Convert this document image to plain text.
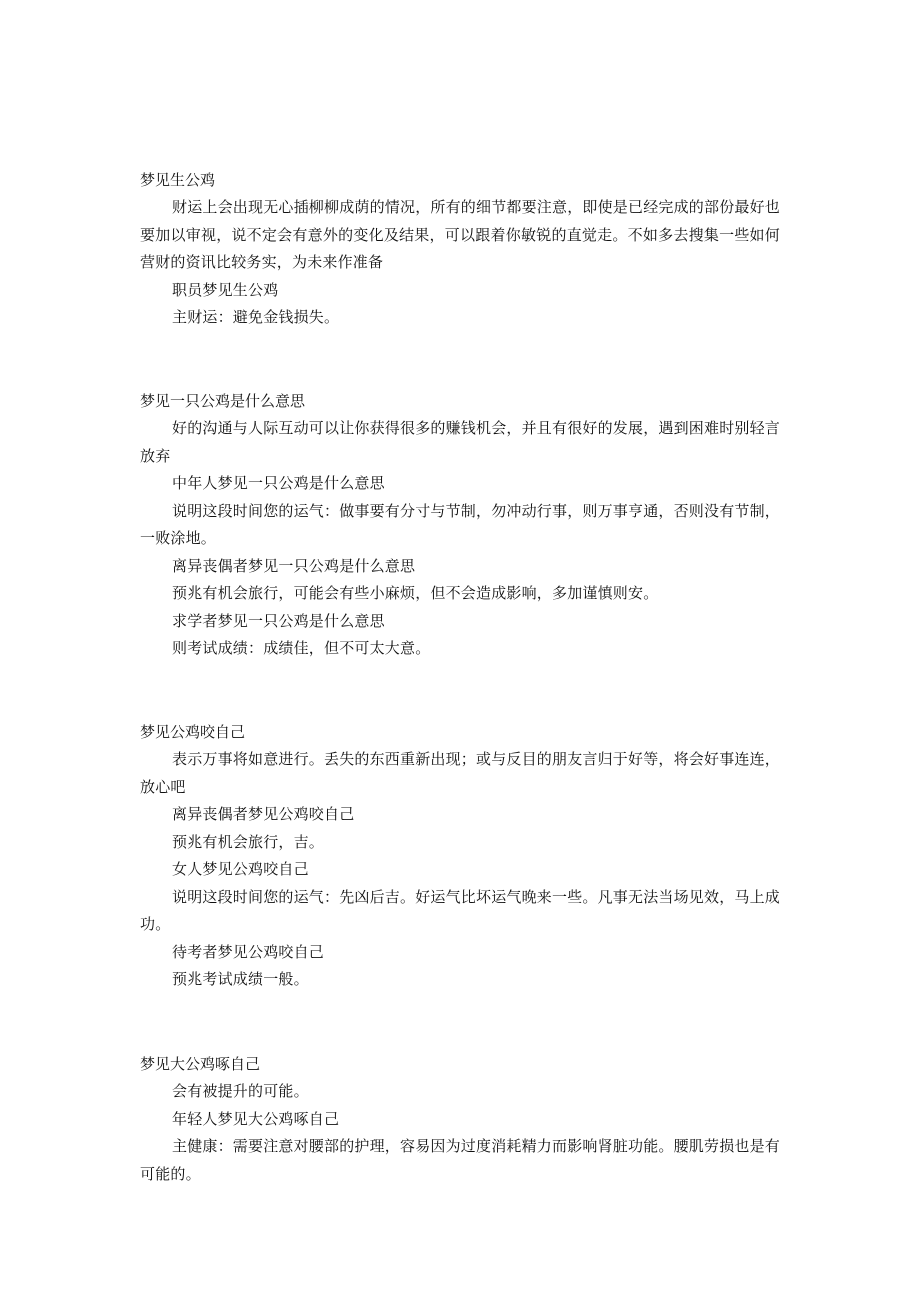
梦见生公鸡

财运上会出现无心插柳柳成荫的情况，所有的细节都要注意，即使是已经完成的部份最好也要加以审视，说不定会有意外的变化及结果，可以跟着你敏锐的直觉走。不如多去搜集一些如何营财的资讯比较务实，为未来作准备

职员梦见生公鸡

主财运：避免金钱损失。

梦见一只公鸡是什么意思

好的沟通与人际互动可以让你获得很多的赚钱机会，并且有很好的发展，遇到困难时别轻言放弃

中年人梦见一只公鸡是什么意思

说明这段时间您的运气：做事要有分寸与节制，勿冲动行事，则万事亨通，否则没有节制，一败涂地。

离异丧偶者梦见一只公鸡是什么意思

预兆有机会旅行，可能会有些小麻烦，但不会造成影响，多加谨慎则安。

求学者梦见一只公鸡是什么意思

则考试成绩：成绩佳，但不可太大意。

梦见公鸡咬自己

表示万事将如意进行。丢失的东西重新出现；或与反目的朋友言归于好等，将会好事连连，放心吧

离异丧偶者梦见公鸡咬自己

预兆有机会旅行，吉。

女人梦见公鸡咬自己

说明这段时间您的运气：先凶后吉。好运气比坏运气晚来一些。凡事无法当场见效，马上成功。

待考者梦见公鸡咬自己

预兆考试成绩一般。

梦见大公鸡啄自己

会有被提升的可能。

年轻人梦见大公鸡啄自己

主健康：需要注意对腰部的护理，容易因为过度消耗精力而影响肾脏功能。腰肌劳损也是有可能的。
